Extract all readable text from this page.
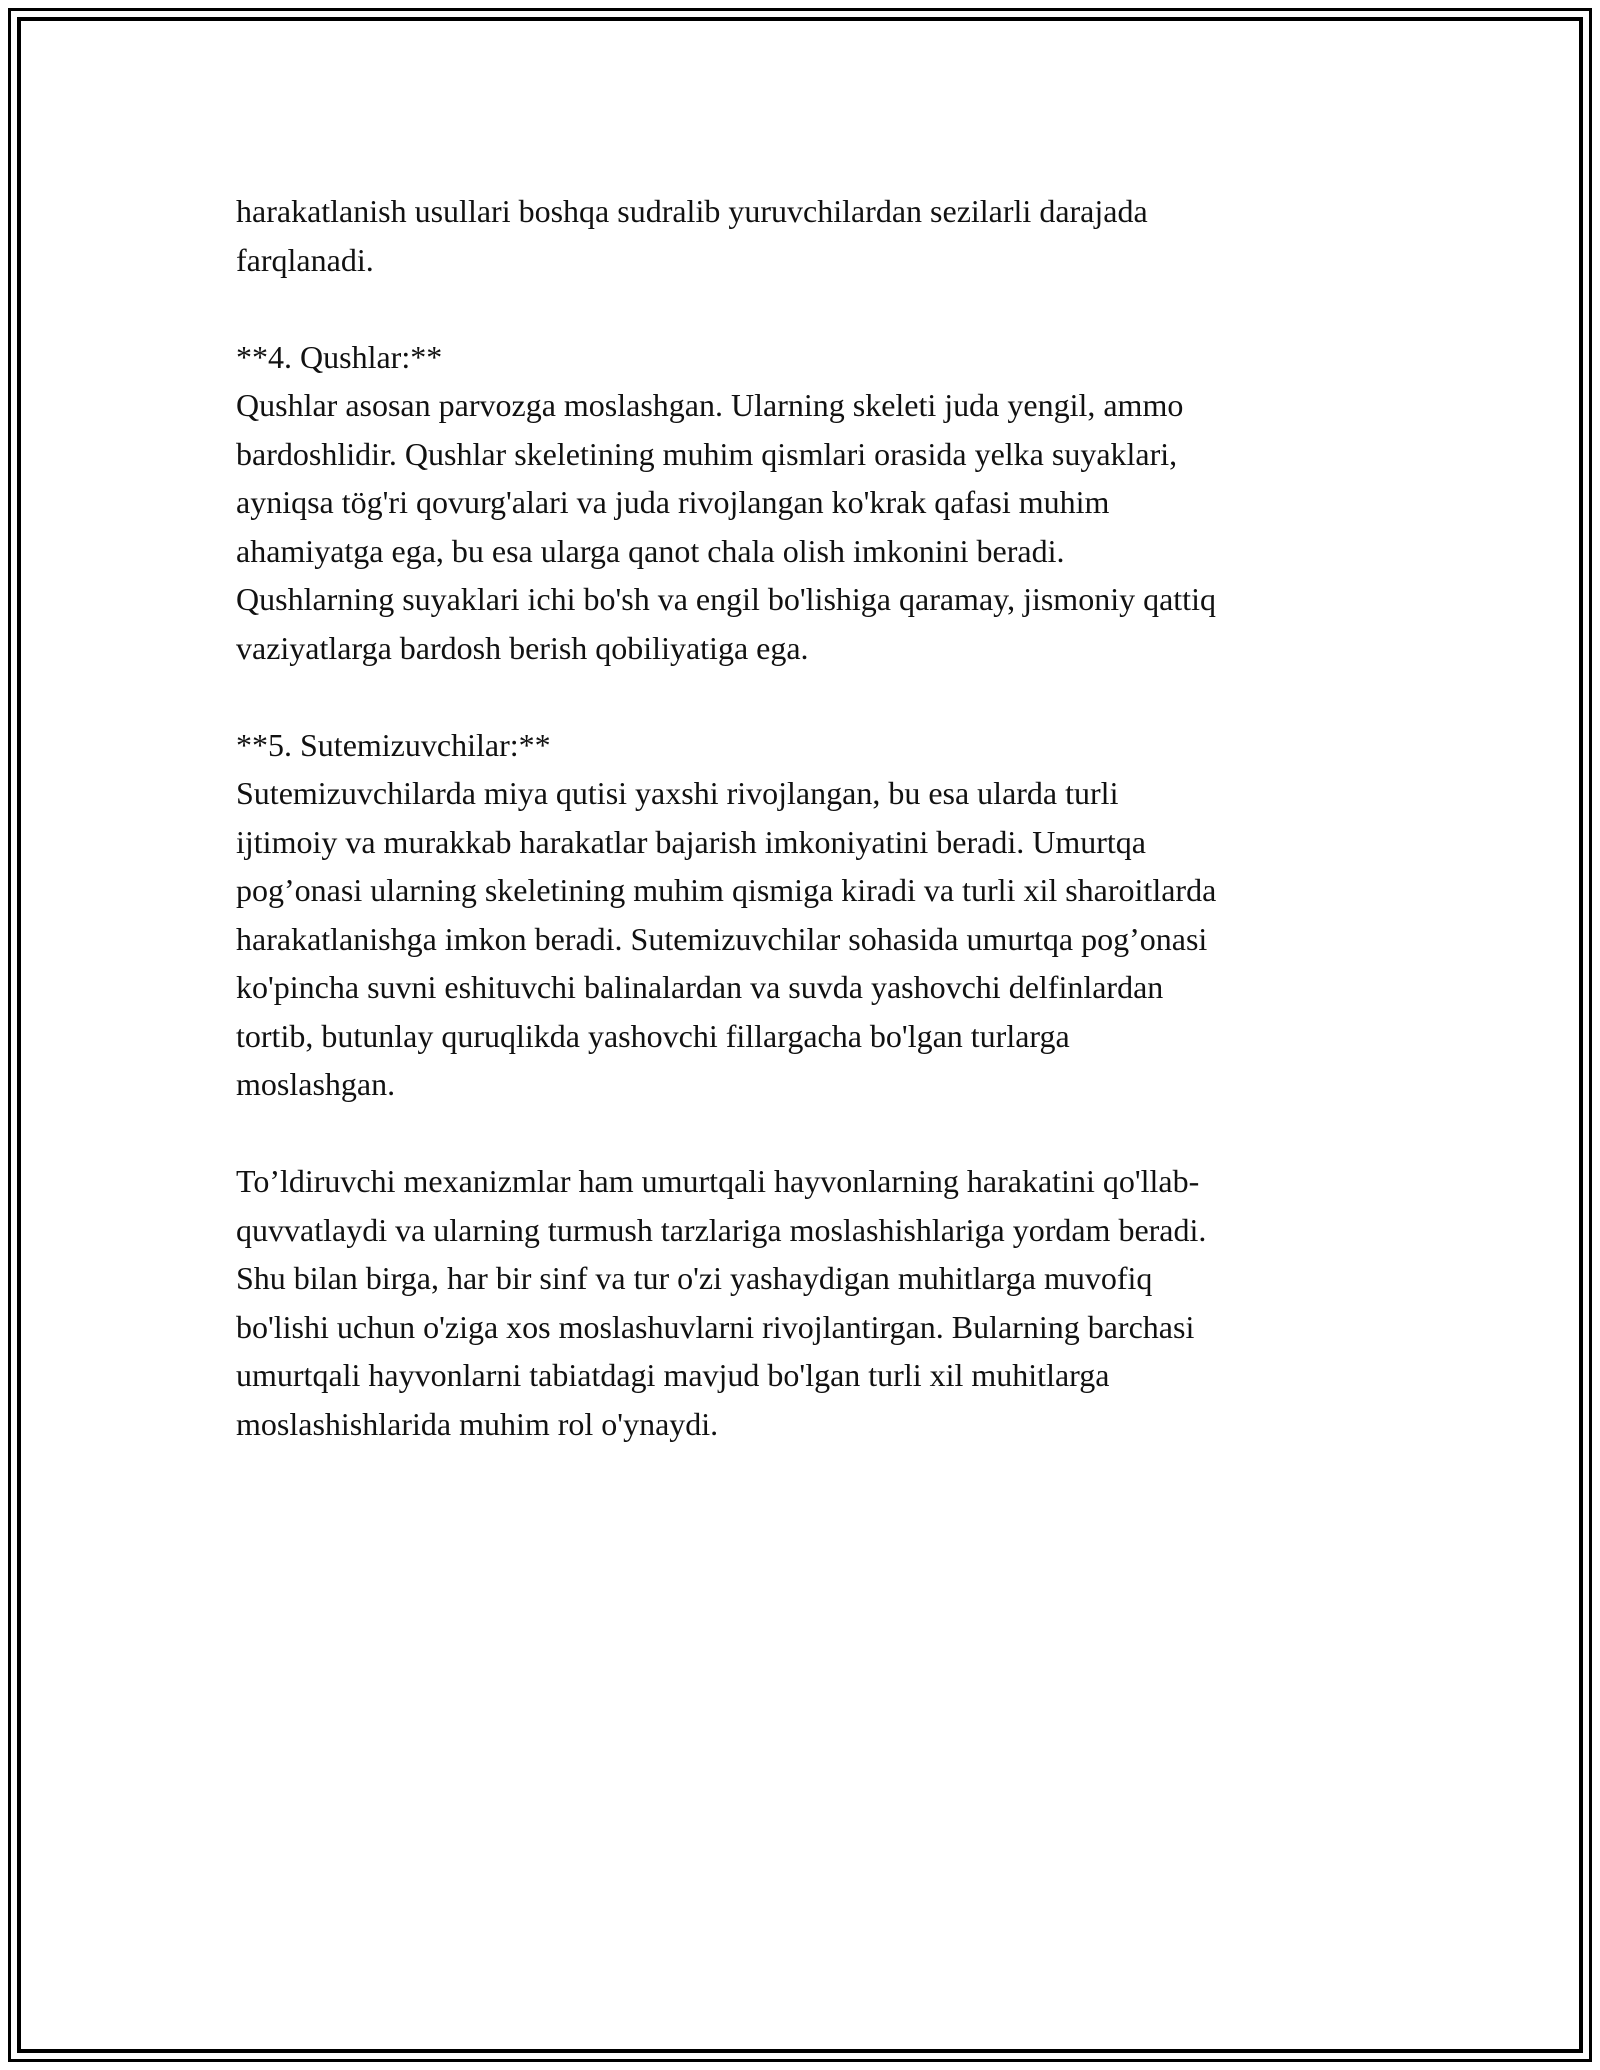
harakatlanish usullari boshqa sudralib yuruvchilardan sezilarli darajada
farqlanadi.
**4. Qushlar:**
Qushlar asosan parvozga moslashgan. Ularning skeleti juda yengil, ammo
bardoshlidir. Qushlar skeletining muhim qismlari orasida yelka suyaklari,
ayniqsa tög'ri qovurg'alari va juda rivojlangan ko'krak qafasi muhim
ahamiyatga ega, bu esa ularga qanot chala olish imkonini beradi.
Qushlarning suyaklari ichi bo'sh va engil bo'lishiga qaramay, jismoniy qattiq
vaziyatlarga bardosh berish qobiliyatiga ega.
**5. Sutemizuvchilar:**
Sutemizuvchilarda miya qutisi yaxshi rivojlangan, bu esa ularda turli
ijtimoiy va murakkab harakatlar bajarish imkoniyatini beradi. Umurtqa
pog’onasi ularning skeletining muhim qismiga kiradi va turli xil sharoitlarda
harakatlanishga imkon beradi. Sutemizuvchilar sohasida umurtqa pog’onasi
ko'pincha suvni eshituvchi balinalardan va suvda yashovchi delfinlardan
tortib, butunlay quruqlikda yashovchi fillargacha bo'lgan turlarga
moslashgan.
To’ldiruvchi mexanizmlar ham umurtqali hayvonlarning harakatini qo'llab-
quvvatlaydi va ularning turmush tarzlariga moslashishlariga yordam beradi.
Shu bilan birga, har bir sinf va tur o'zi yashaydigan muhitlarga muvofiq
bo'lishi uchun o'ziga xos moslashuvlarni rivojlantirgan. Bularning barchasi
umurtqali hayvonlarni tabiatdagi mavjud bo'lgan turli xil muhitlarga
moslashishlarida muhim rol o'ynaydi.
